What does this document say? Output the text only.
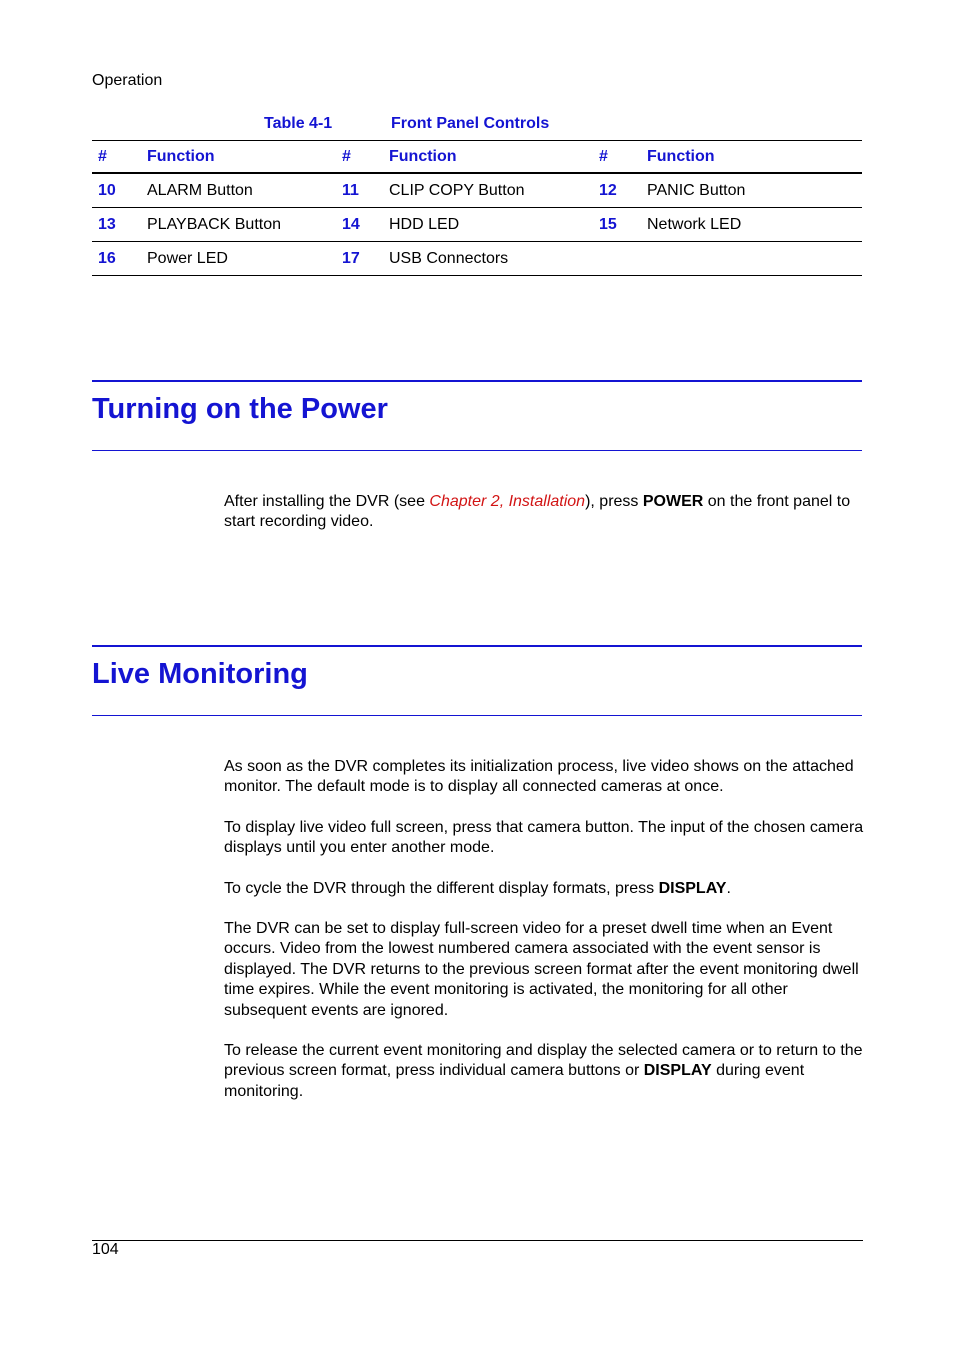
Operation
Table 4-1	Front Panel Controls
#	Function	#	Function	#	Function
10	ALARM Button	11	CLIP COPY Button	12	PANIC Button
13	PLAYBACK Button	14	HDD LED	15	Network LED
16	Power LED	17	USB Connectors		
Turning on the Power

After installing the DVR (see Chapter 2, Installation), press POWER on the front panel to start recording video.

Live Monitoring

As soon as the DVR completes its initialization process, live video shows on the attached monitor. The default mode is to display all connected cameras at once.

To display live video full screen, press that camera button. The input of the chosen camera displays until you enter another mode.

To cycle the DVR through the different display formats, press DISPLAY.

The DVR can be set to display full-screen video for a preset dwell time when an Event occurs. Video from the lowest numbered camera associated with the event sensor is displayed. The DVR returns to the previous screen format after the event monitoring dwell time expires. While the event monitoring is activated, the monitoring for all other subsequent events are ignored.

To release the current event monitoring and display the selected camera or to return to the previous screen format, press individual camera buttons or DISPLAY during event monitoring.

104
